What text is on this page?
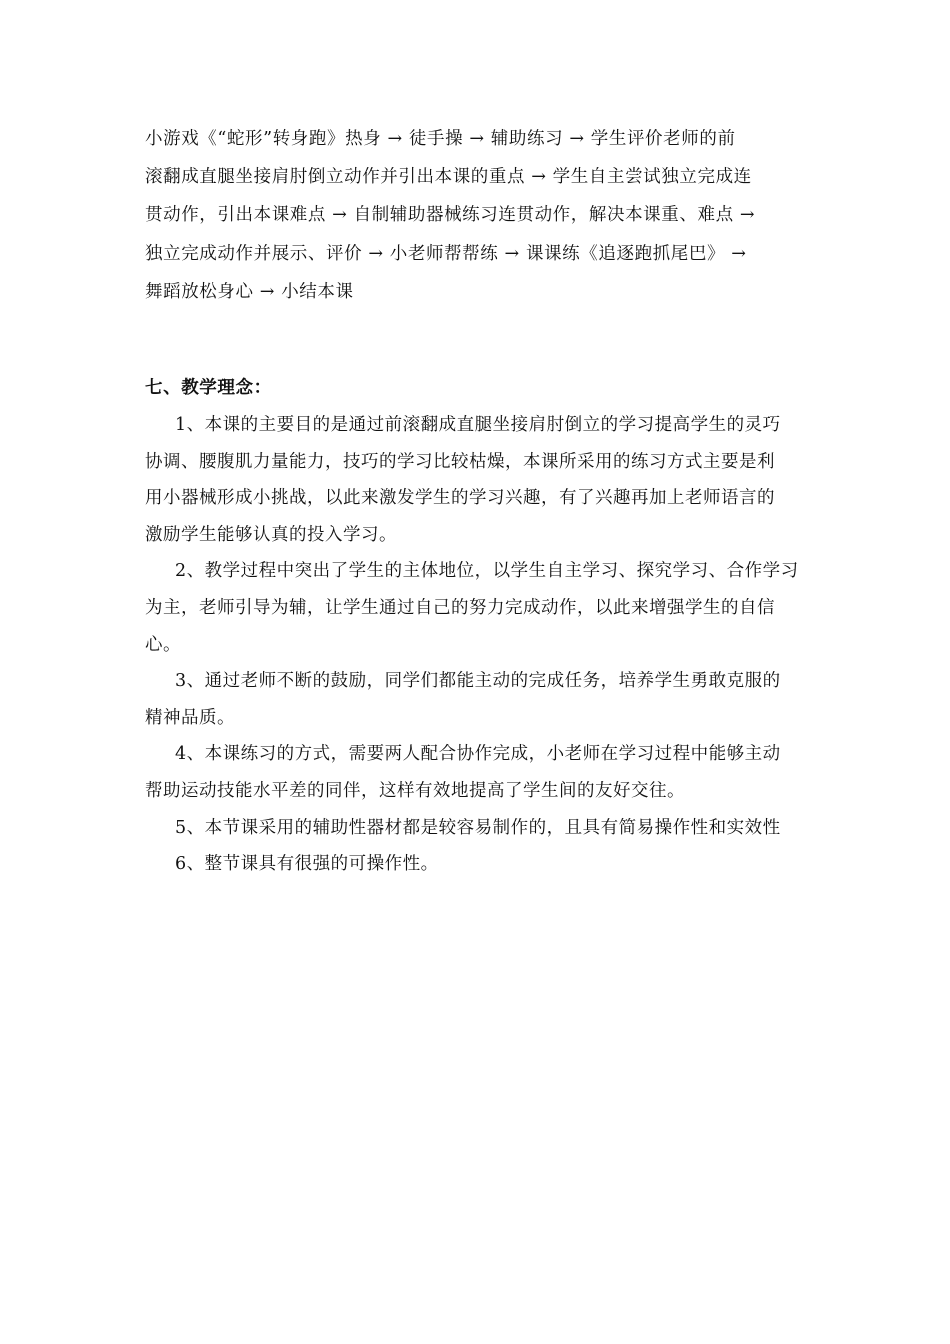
小游戏《“蛇形”转身跑》热身 → 徒手操 → 辅助练习 → 学生评价老师的前
滚翻成直腿坐接肩肘倒立动作并引出本课的重点 → 学生自主尝试独立完成连
贯动作，引出本课难点 → 自制辅助器械练习连贯动作，解决本课重、难点 →
独立完成动作并展示、评价 → 小老师帮帮练 → 课课练《追逐跑抓尾巴》 →
舞蹈放松身心 → 小结本课
七、教学理念：
1、本课的主要目的是通过前滚翻成直腿坐接肩肘倒立的学习提高学生的灵巧
协调、腰腹肌力量能力，技巧的学习比较枯燥，本课所采用的练习方式主要是利
用小器械形成小挑战，以此来激发学生的学习兴趣，有了兴趣再加上老师语言的
激励学生能够认真的投入学习。
2、教学过程中突出了学生的主体地位，以学生自主学习、探究学习、合作学习
为主，老师引导为辅，让学生通过自己的努力完成动作，以此来增强学生的自信
心。
3、通过老师不断的鼓励，同学们都能主动的完成任务，培养学生勇敢克服的
精神品质。
4、本课练习的方式，需要两人配合协作完成，小老师在学习过程中能够主动
帮助运动技能水平差的同伴，这样有效地提高了学生间的友好交往。
5、本节课采用的辅助性器材都是较容易制作的，且具有简易操作性和实效性
6、整节课具有很强的可操作性。
